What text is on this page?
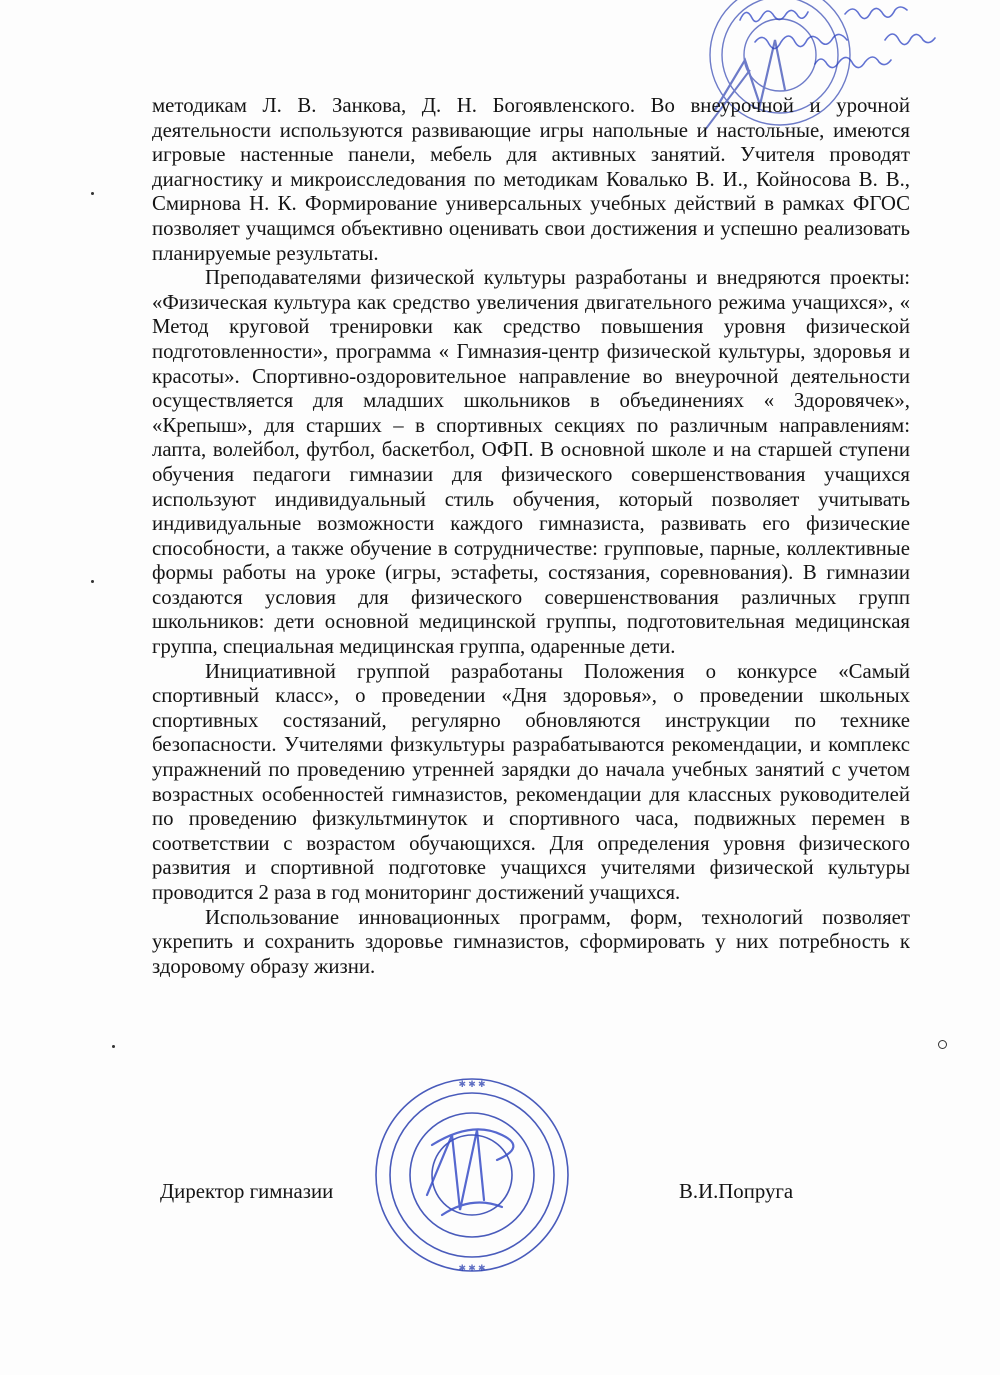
методикам Л. В. Занкова, Д. Н. Богоявленского. Во внеурочной и урочной деятельности используются развивающие игры напольные и настольные, имеются игровые настенные панели, мебель для активных занятий. Учителя проводят диагностику и микроисследования по методикам Ковалько В. И., Койносова В. В., Смирнова Н. К. Формирование универсальных учебных действий в рамках ФГОС позволяет учащимся объективно оценивать свои достижения и успешно реализовать планируемые результаты.

Преподавателями физической культуры разработаны и внедряются проекты: «Физическая культура как средство увеличения двигательного режима учащихся», « Метод круговой тренировки как средство повышения уровня физической подготовленности», программа « Гимназия-центр физической культуры, здоровья и красоты». Спортивно-оздоровительное направление во внеурочной деятельности осуществляется для младших школьников в объединениях « Здоровячек», «Крепыш», для старших – в спортивных секциях по различным направлениям: лапта, волейбол, футбол, баскетбол, ОФП. В основной школе и на старшей ступени обучения педагоги гимназии для физического совершенствования учащихся используют индивидуальный стиль обучения, который позволяет учитывать индивидуальные возможности каждого гимназиста, развивать его физические способности, а также обучение в сотрудничестве: групповые, парные, коллективные формы работы на уроке (игры, эстафеты, состязания, соревнования). В гимназии создаются условия для физического совершенствования различных групп школьников: дети основной медицинской группы, подготовительная медицинская группа, специальная медицинская группа, одаренные дети.

Инициативной группой разработаны Положения о конкурсе «Самый спортивный класс», о проведении «Дня здоровья», о проведении школьных спортивных состязаний, регулярно обновляются инструкции по технике безопасности. Учителями физкультуры разрабатываются рекомендации, и комплекс упражнений по проведению утренней зарядки до начала учебных занятий с учетом возрастных особенностей гимназистов, рекомендации для классных руководителей по проведению физкультминуток и спортивного часа, подвижных перемен в соответствии с возрастом обучающихся. Для определения уровня физического развития и спортивной подготовке учащихся учителями физической культуры проводится 2 раза в год мониторинг достижений учащихся.

Использование инновационных программ, форм, технологий позволяет укрепить и сохранить здоровье гимназистов, сформировать у них потребность к здоровому образу жизни.

Директор гимназии	В.И.Попруга
✱ ✱ ✱
✱ ✱ ✱
